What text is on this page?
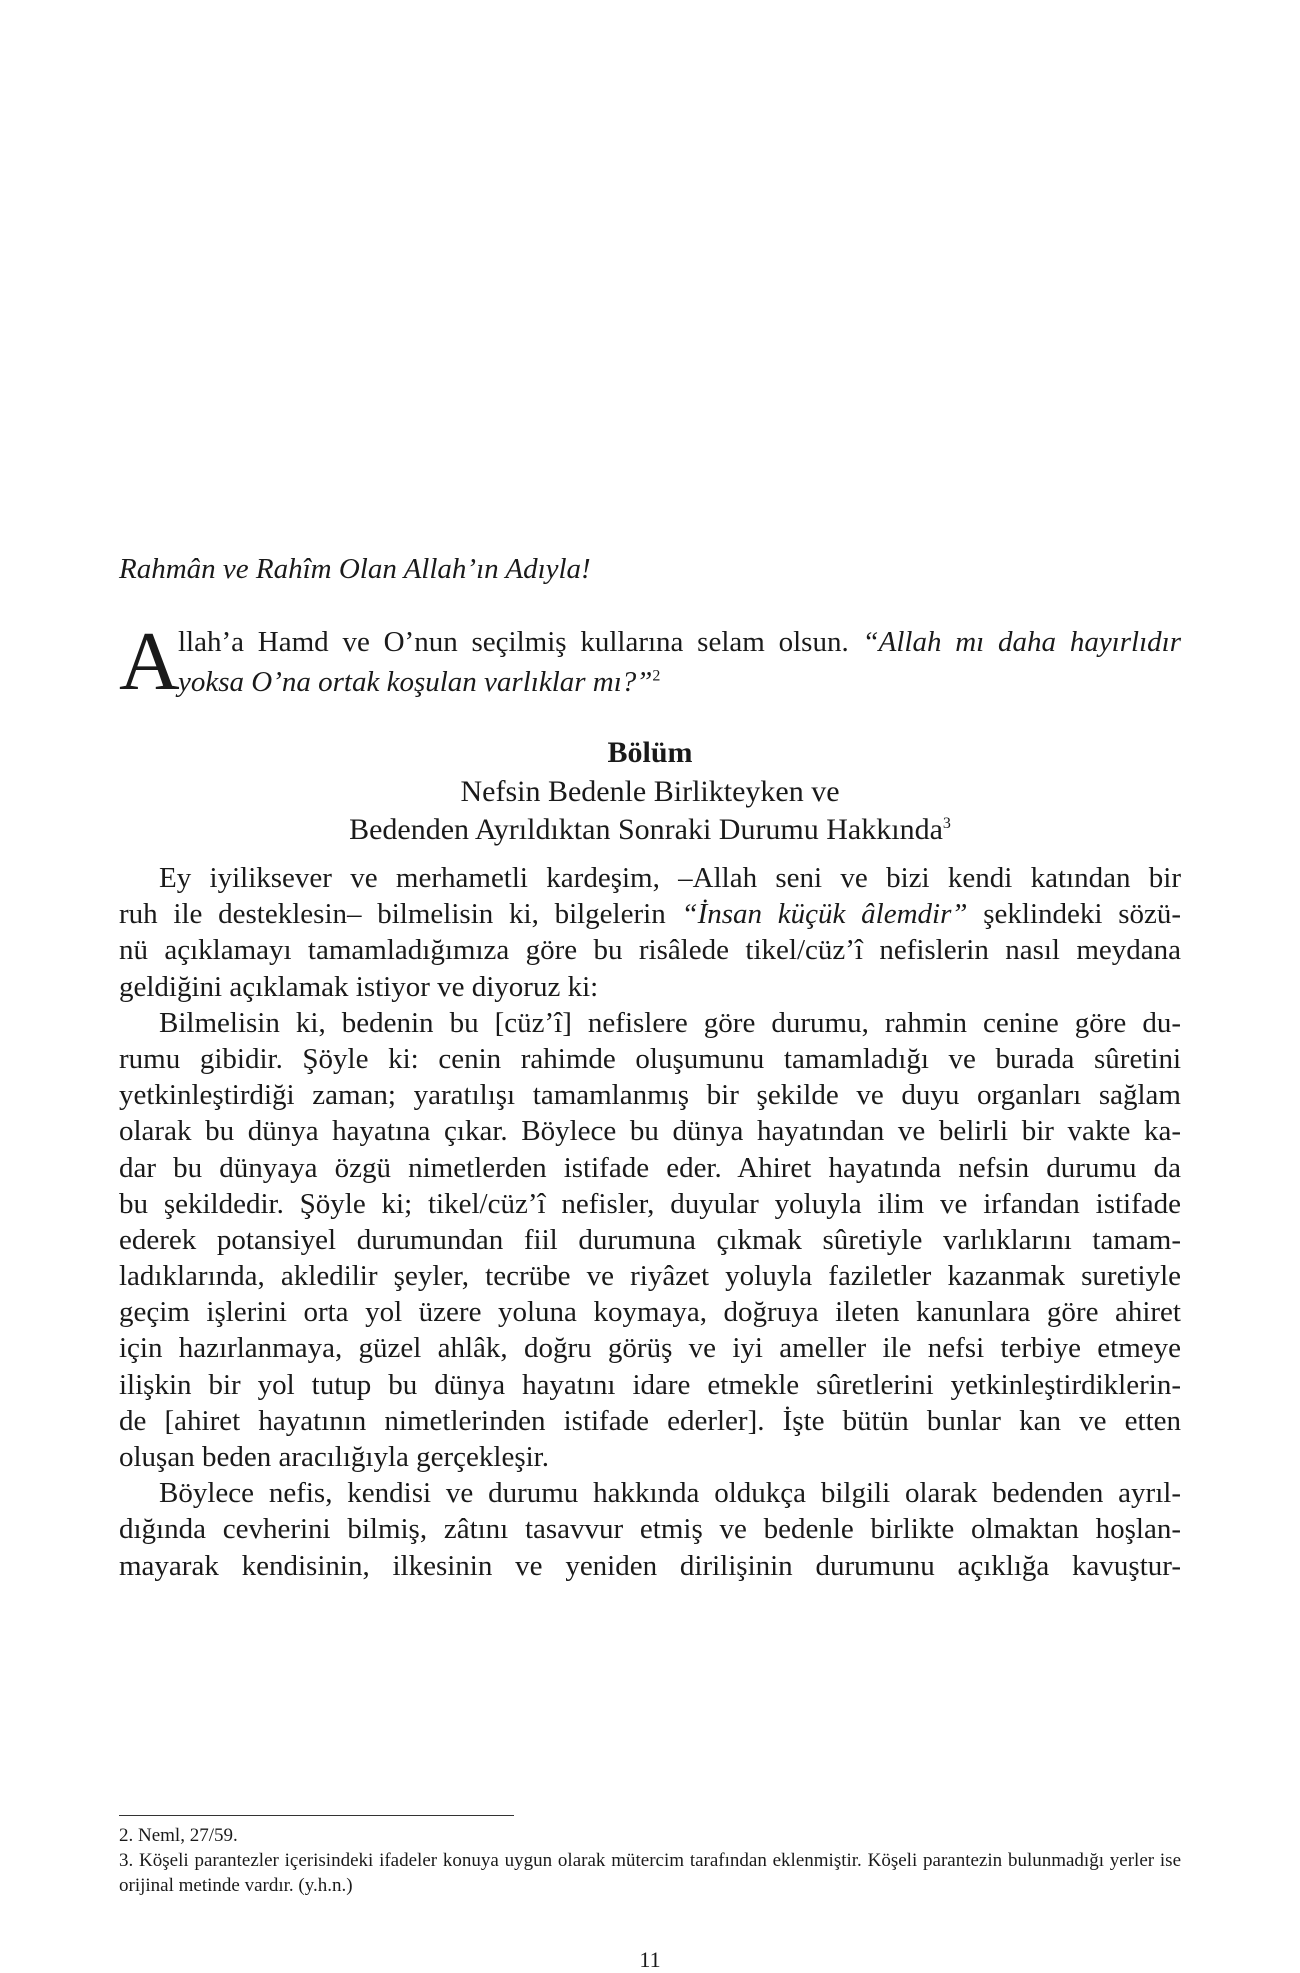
Rahmân ve Rahîm Olan Allah’ın Adıyla!

A

llah’a Hamd ve O’nun seçilmiş kullarına selam olsun. “Allah mı daha hayırlıdır

yoksa O’na ortak koşulan varlıklar mı?”$^2$

Bölüm

Nefsin Bedenle Birlikteyken ve

Bedenden Ayrıldıktan Sonraki Durumu Hakkında$^3$

Ey iyiliksever ve merhametli kardeşim, –Allah seni ve bizi kendi katından bir

ruh ile desteklesin– bilmelisin ki, bilgelerin “İnsan küçük âlemdir” şeklindeki sözü-

nü açıklamayı tamamladığımıza göre bu risâlede tikel/cüz’î nefislerin nasıl meydana

geldiğini açıklamak istiyor ve diyoruz ki:

Bilmelisin ki, bedenin bu [cüz’î] nefislere göre durumu, rahmin cenine göre du-

rumu gibidir. Şöyle ki: cenin rahimde oluşumunu tamamladığı ve burada sûretini

yetkinleştirdiği zaman; yaratılışı tamamlanmış bir şekilde ve duyu organları sağlam

olarak bu dünya hayatına çıkar. Böylece bu dünya hayatından ve belirli bir vakte ka-

dar bu dünyaya özgü nimetlerden istifade eder. Ahiret hayatında nefsin durumu da

bu şekildedir. Şöyle ki; tikel/cüz’î nefisler, duyular yoluyla ilim ve irfandan istifade

ederek potansiyel durumundan fiil durumuna çıkmak sûretiyle varlıklarını tamam-

ladıklarında, akledilir şeyler, tecrübe ve riyâzet yoluyla faziletler kazanmak suretiyle

geçim işlerini orta yol üzere yoluna koymaya, doğruya ileten kanunlara göre ahiret

için hazırlanmaya, güzel ahlâk, doğru görüş ve iyi ameller ile nefsi terbiye etmeye

ilişkin bir yol tutup bu dünya hayatını idare etmekle sûretlerini yetkinleştirdiklerin-

de [ahiret hayatının nimetlerinden istifade ederler]. İşte bütün bunlar kan ve etten

oluşan beden aracılığıyla gerçekleşir.

Böylece nefis, kendisi ve durumu hakkında oldukça bilgili olarak bedenden ayrıl-

dığında cevherini bilmiş, zâtını tasavvur etmiş ve bedenle birlikte olmaktan hoşlan-

mayarak kendisinin, ilkesinin ve yeniden dirilişinin durumunu açıklığa kavuştur-

2. Neml, 27/59.

3. Köşeli parantezler içerisindeki ifadeler konuya uygun olarak mütercim tarafından eklenmiştir. Köşeli parantezin bulunmadığı yerler ise orijinal metinde vardır. (y.h.n.)

11
